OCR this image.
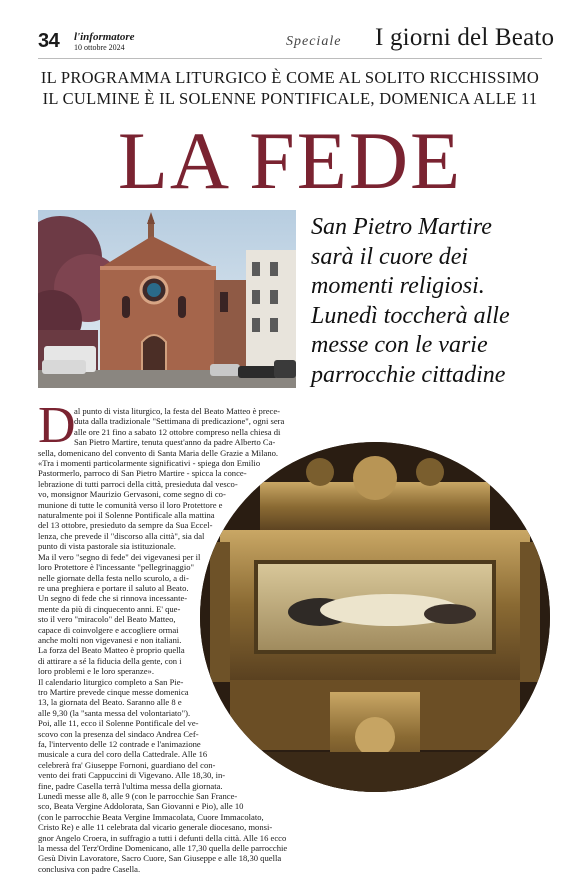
34 l'informatore
10 ottobre 2024	Speciale I giorni del Beato
IL PROGRAMMA LITURGICO È COME AL SOLITO RICCHISSIMO
IL CULMINE È IL SOLENNE PONTIFICALE, DOMENICA ALLE 11
LA FEDE
San Pietro Martire
sarà il cuore dei
momenti religiosi.
Lunedì toccherà alle
messe con le varie
parrocchie cittadine
D
al punto di vista liturgico, la festa del Beato Matteo è prece-
duta dalla tradizionale "Settimana di predicazione", ogni sera
alle ore 21 fino a sabato 12 ottobre compreso nella chiesa di
San Pietro Martire, tenuta quest'anno da padre Alberto Ca-
sella, domenicano del convento di Santa Maria delle Grazie a Milano.
«Tra i momenti particolarmente significativi - spiega don Emilio
Pastormerlo, parroco di San Pietro Martire - spicca la conce-
lebrazione di tutti parroci della città, presieduta dal vesco-
vo, monsignor Maurizio Gervasoni, come segno di co-
munione di tutte le comunità verso il loro Protettore e
naturalmente poi il Solenne Pontificale alla mattina
del 13 ottobre, presieduto da sempre da Sua Eccel-
lenza, che prevede il "discorso alla città", sia dal
punto di vista pastorale sia istituzionale.
Ma il vero "segno di fede" dei vigevanesi per il
loro Protettore è l'incessante "pellegrinaggio"
nelle giornate della festa nello scurolo, a di-
re una preghiera e portare il saluto al Beato.
Un segno di fede che si rinnova incessante-
mente da più di cinquecento anni. E' que-
sto il vero "miracolo" del Beato Matteo,
capace di coinvolgere e accogliere ormai
anche molti non vigevanesi e non italiani.
La forza del Beato Matteo è proprio quella
di attirare a sé la fiducia della gente, con i
loro problemi e le loro speranze».
Il calendario liturgico completo a San Pie-
tro Martire prevede cinque messe domenica
13, la giornata del Beato. Saranno alle 8 e
alle 9,30 (la "santa messa del volontariato").
Poi, alle 11, ecco il Solenne Pontificale del ve-
scovo con la presenza del sindaco Andrea Cef-
fa, l'intervento delle 12 contrade e l'animazione
musicale a cura del coro della Cattedrale. Alle 16
celebrerà fra' Giuseppe Fornoni, guardiano del con-
vento dei frati Cappuccini di Vigevano. Alle 18,30, in-
fine, padre Casella terrà l'ultima messa della giornata.
Lunedì messe alle 8, alle 9 (con le parrocchie San France-
sco, Beata Vergine Addolorata, San Giovanni e Pio), alle 10
(con le parrocchie Beata Vergine Immacolata, Cuore Immacolato,
Cristo Re) e alle 11 celebrata dal vicario generale diocesano, monsi-
gnor Angelo Croera, in suffragio a tutti i defunti della città. Alle 16 ecco
la messa del Terz'Ordine Domenicano, alle 17,30 quella delle parrocchie
Gesù Divin Lavoratore, Sacro Cuore, San Giuseppe e alle 18,30 quella
conclusiva con padre Casella.
